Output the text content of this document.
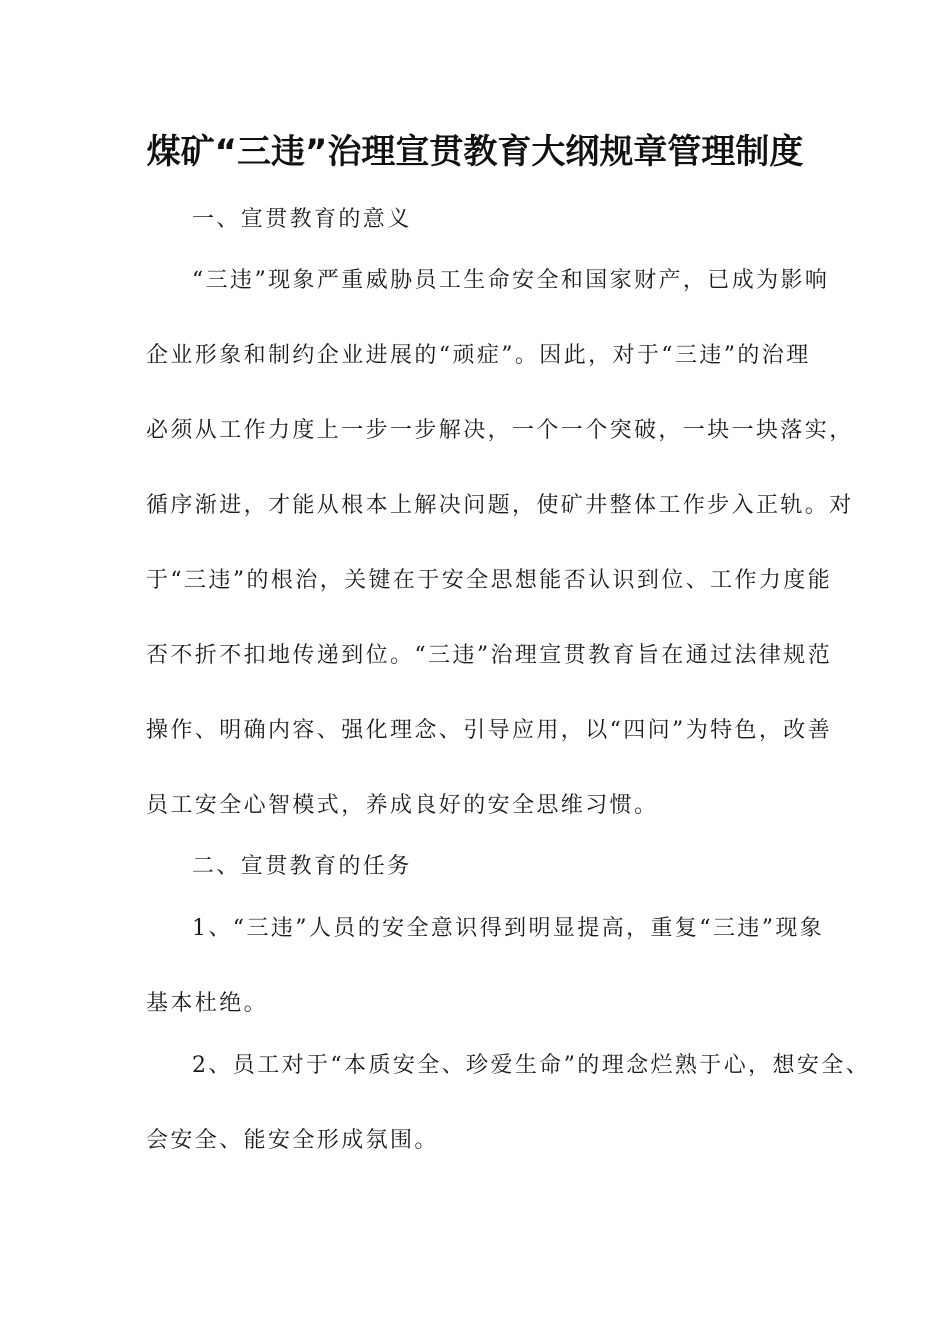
煤矿“三违”治理宣贯教育大纲规章管理制度

一、宣贯教育的意义

“三违”现象严重威胁员工生命安全和国家财产，已成为影响

企业形象和制约企业进展的“顽症”。因此，对于“三违”的治理

必须从工作力度上一步一步解决，一个一个突破，一块一块落实，

循序渐进，才能从根本上解决问题，使矿井整体工作步入正轨。对

于“三违”的根治，关键在于安全思想能否认识到位、工作力度能

否不折不扣地传递到位。“三违”治理宣贯教育旨在通过法律规范

操作、明确内容、强化理念、引导应用，以“四问”为特色，改善

员工安全心智模式，养成良好的安全思维习惯。

二、宣贯教育的任务

1、“三违”人员的安全意识得到明显提高，重复“三违”现象

基本杜绝。

2、员工对于“本质安全、珍爱生命”的理念烂熟于心，想安全、

会安全、能安全形成氛围。
